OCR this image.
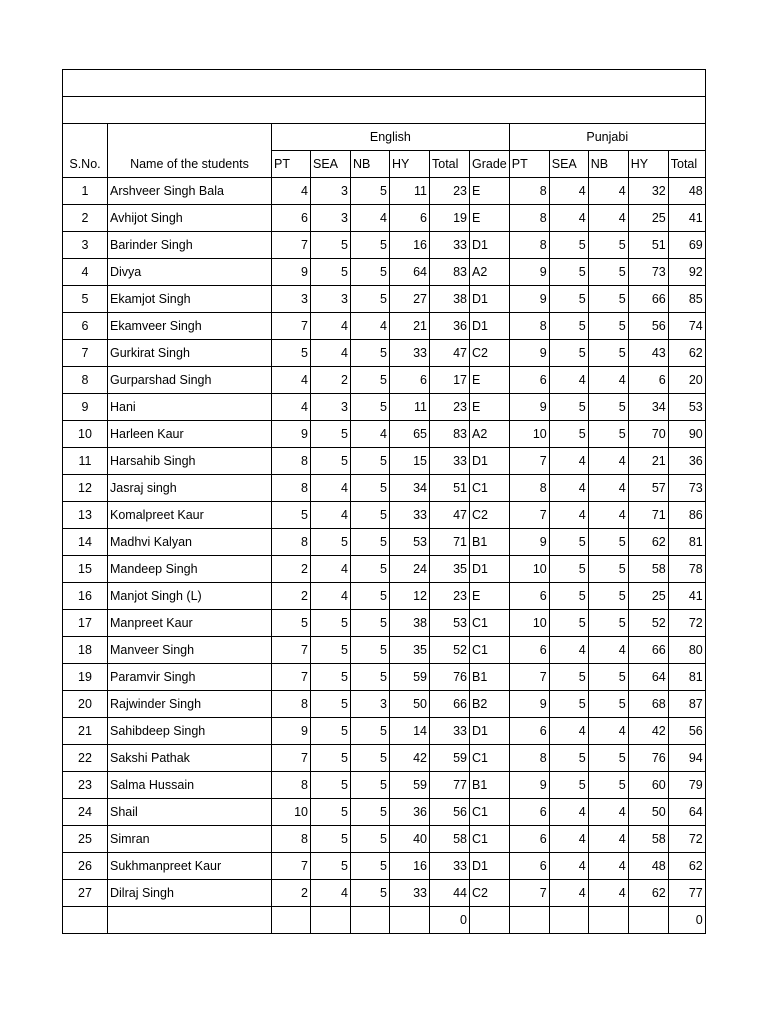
S.No.	Name of the students	English						Punjabi				
		PT	SEA	NB	HY	Total	Grade	PT	SEA	NB	HY	Total
1	Arshveer Singh Bala	4	3	5	11	23	E	8	4	4	32	48
2	Avhijot Singh	6	3	4	6	19	E	8	4	4	25	41
3	Barinder Singh	7	5	5	16	33	D1	8	5	5	51	69
4	Divya	9	5	5	64	83	A2	9	5	5	73	92
5	Ekamjot Singh	3	3	5	27	38	D1	9	5	5	66	85
6	Ekamveer Singh	7	4	4	21	36	D1	8	5	5	56	74
7	Gurkirat Singh	5	4	5	33	47	C2	9	5	5	43	62
8	Gurparshad Singh	4	2	5	6	17	E	6	4	4	6	20
9	Hani	4	3	5	11	23	E	9	5	5	34	53
10	Harleen Kaur	9	5	4	65	83	A2	10	5	5	70	90
11	Harsahib Singh	8	5	5	15	33	D1	7	4	4	21	36
12	Jasraj singh	8	4	5	34	51	C1	8	4	4	57	73
13	Komalpreet Kaur	5	4	5	33	47	C2	7	4	4	71	86
14	Madhvi Kalyan	8	5	5	53	71	B1	9	5	5	62	81
15	Mandeep Singh	2	4	5	24	35	D1	10	5	5	58	78
16	Manjot Singh (L)	2	4	5	12	23	E	6	5	5	25	41
17	Manpreet Kaur	5	5	5	38	53	C1	10	5	5	52	72
18	Manveer Singh	7	5	5	35	52	C1	6	4	4	66	80
19	Paramvir Singh	7	5	5	59	76	B1	7	5	5	64	81
20	Rajwinder Singh	8	5	3	50	66	B2	9	5	5	68	87
21	Sahibdeep Singh	9	5	5	14	33	D1	6	4	4	42	56
22	Sakshi Pathak	7	5	5	42	59	C1	8	5	5	76	94
23	Salma Hussain	8	5	5	59	77	B1	9	5	5	60	79
24	Shail	10	5	5	36	56	C1	6	4	4	50	64
25	Simran	8	5	5	40	58	C1	6	4	4	58	72
26	Sukhmanpreet Kaur	7	5	5	16	33	D1	6	4	4	48	62
27	Dilraj Singh	2	4	5	33	44	C2	7	4	4	62	77
						0						0
